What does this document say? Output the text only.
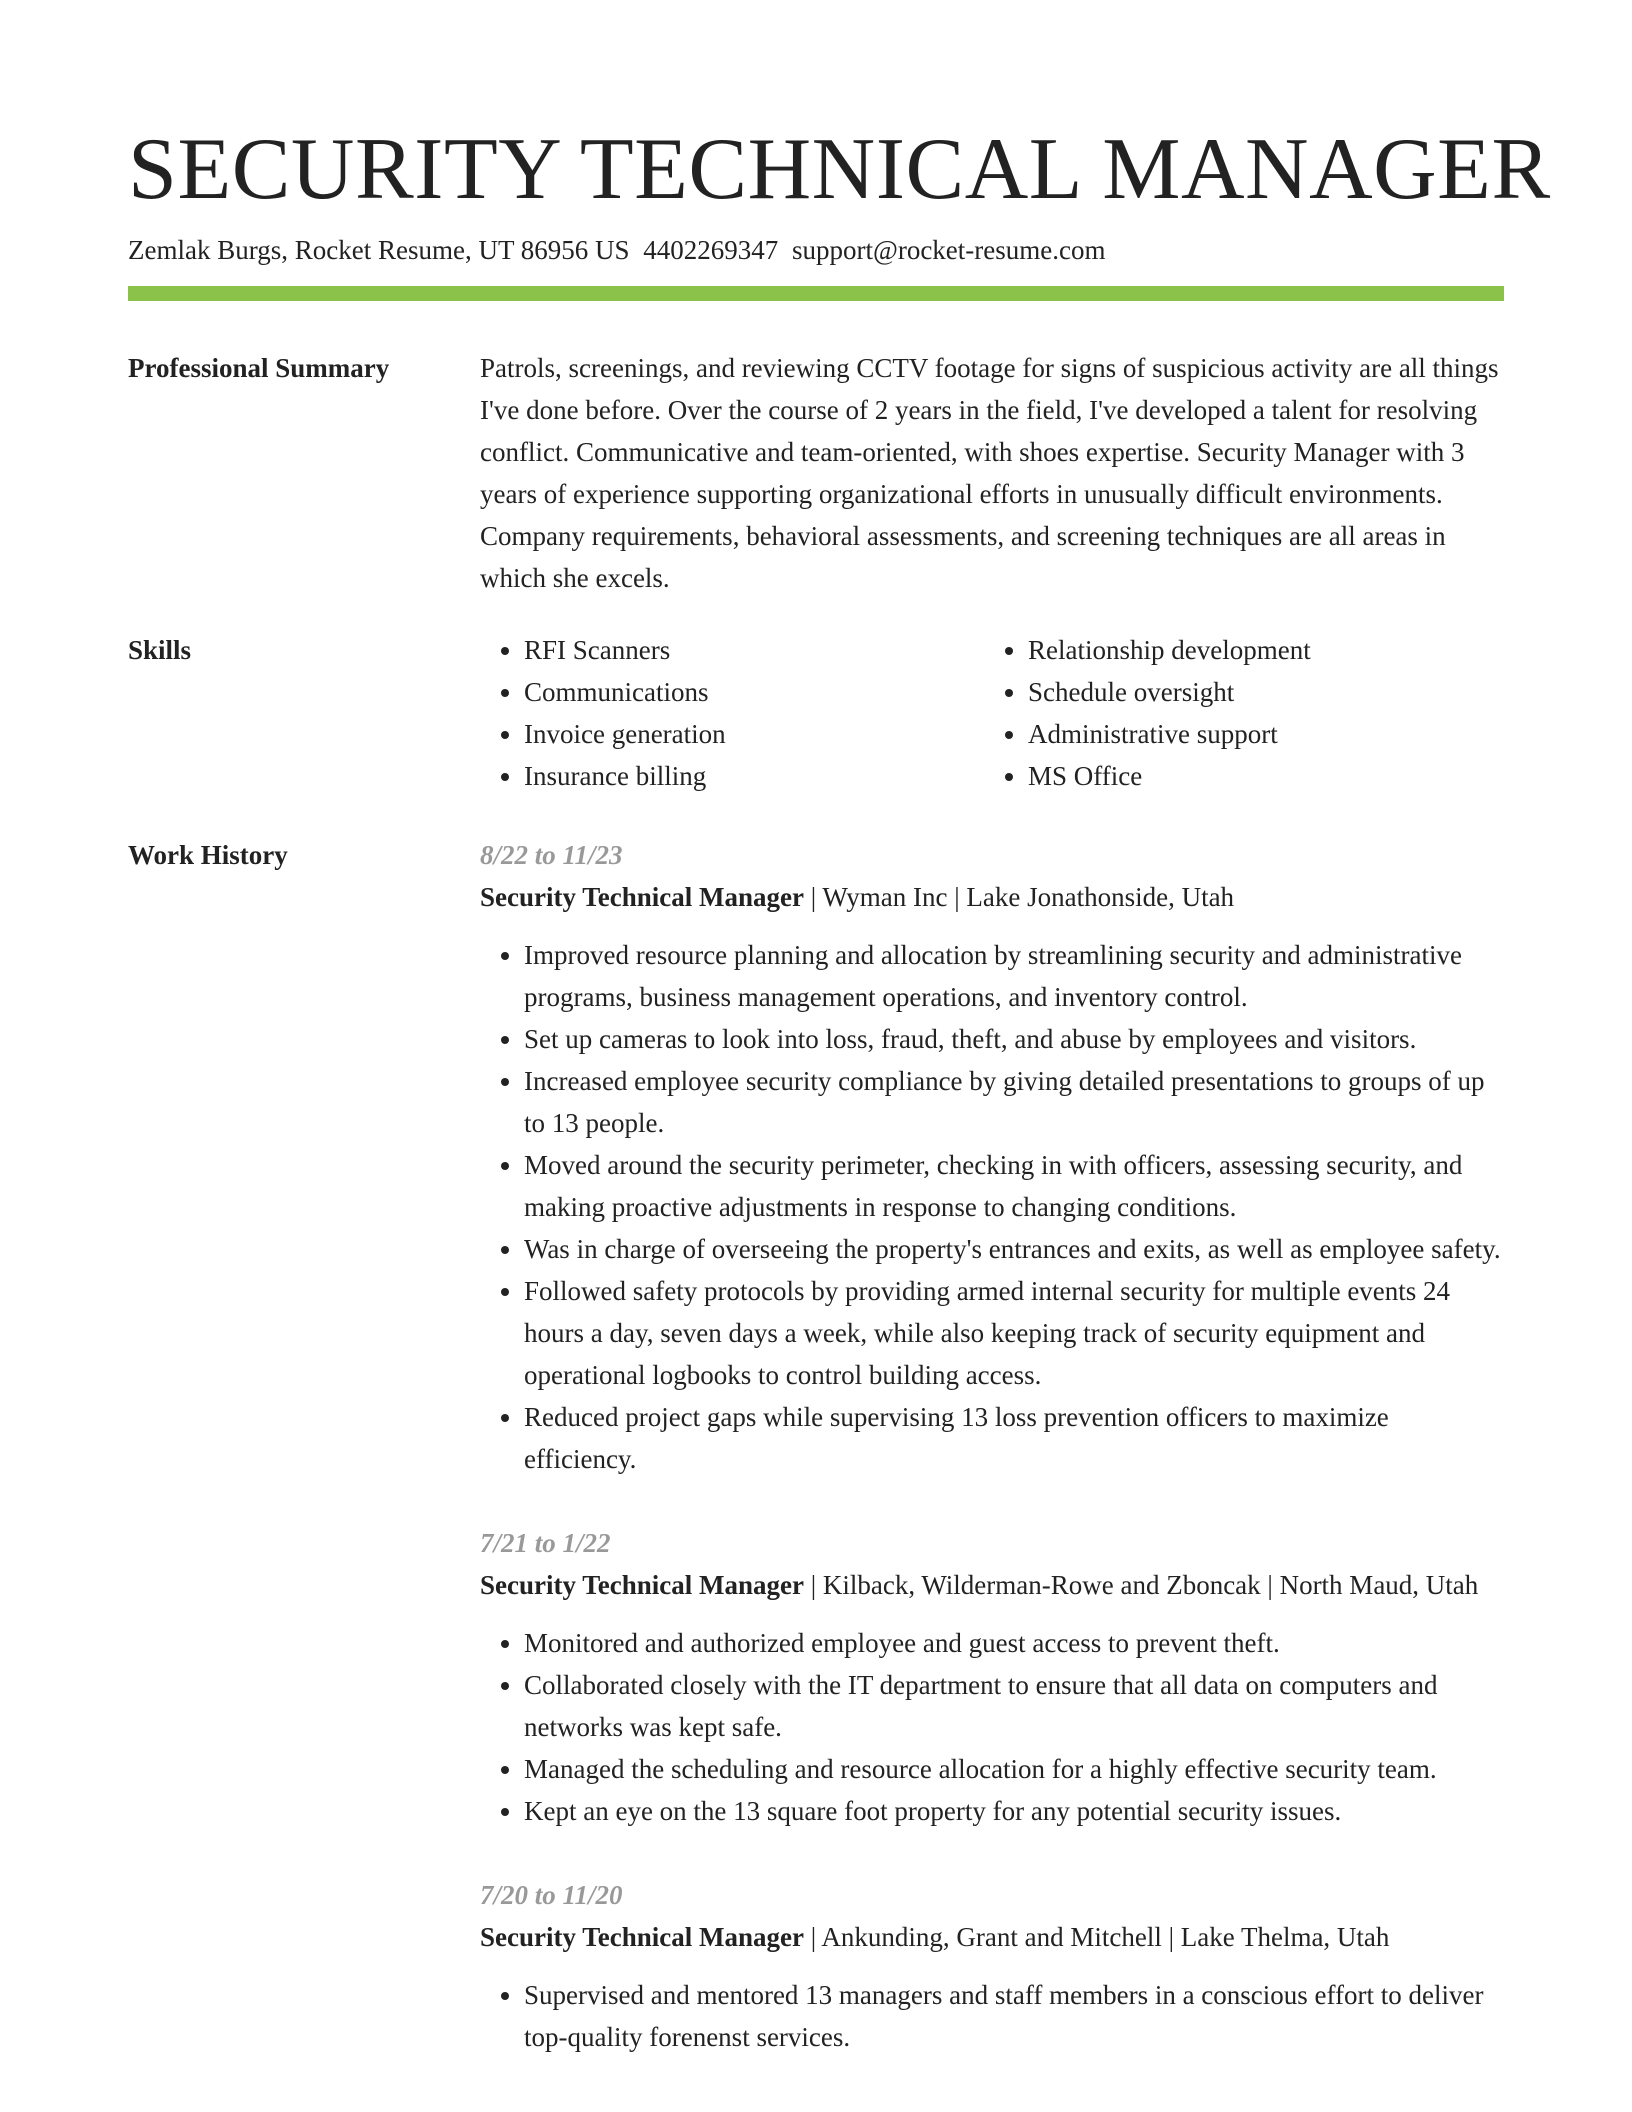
SECURITY TECHNICAL MANAGER
Zemlak Burgs, Rocket Resume, UT 86956 US 4402269347 support@rocket-resume.com
Professional Summary	Patrols, screenings, and reviewing CCTV footage for signs of suspicious activity are all things I've done before. Over the course of 2 years in the field, I've developed a talent for resolving conflict. Communicative and team-oriented, with shoes expertise. Security Manager with 3 years of experience supporting organizational efforts in unusually difficult environments. Company requirements, behavioral assessments, and screening techniques are all areas in which she excels.

Skills
•	RFI Scanners
• Communications
• Invoice generation
• Insurance billing
• Relationship development
• Schedule oversight
• Administrative support
• MS Office
Work History	8/22 to 11/23
Security Technical Manager | Wyman Inc | Lake Jonathonside, Utah
• Improved resource planning and allocation by streamlining security and administrative programs, business management operations, and inventory control.
• Set up cameras to look into loss, fraud, theft, and abuse by employees and visitors.
• Increased employee security compliance by giving detailed presentations to groups of up to 13 people.
• Moved around the security perimeter, checking in with officers, assessing security, and making proactive adjustments in response to changing conditions.
• Was in charge of overseeing the property's entrances and exits, as well as employee safety.
• Followed safety protocols by providing armed internal security for multiple events 24 hours a day, seven days a week, while also keeping track of security equipment and operational logbooks to control building access.
• Reduced project gaps while supervising 13 loss prevention officers to maximize efficiency.
7/21 to 1/22
Security Technical Manager | Kilback, Wilderman-Rowe and Zboncak | North Maud, Utah
• Monitored and authorized employee and guest access to prevent theft.
• Collaborated closely with the IT department to ensure that all data on computers and networks was kept safe.
• Managed the scheduling and resource allocation for a highly effective security team.
• Kept an eye on the 13 square foot property for any potential security issues.
7/20 to 11/20
Security Technical Manager | Ankunding, Grant and Mitchell | Lake Thelma, Utah
• Supervised and mentored 13 managers and staff members in a conscious effort to deliver top-quality forenenst services.
